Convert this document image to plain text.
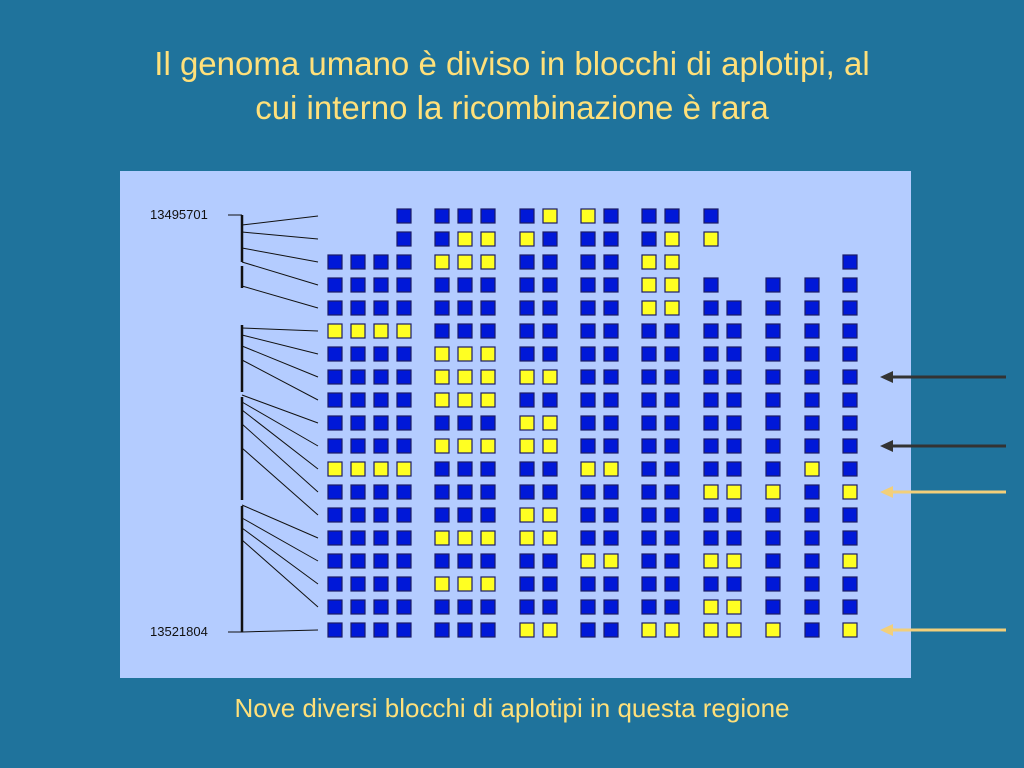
Il genoma umano è diviso in blocchi di aplotipi, al
cui interno la ricombinazione è rara
13495701
13521804
Nove diversi blocchi di aplotipi in questa regione
